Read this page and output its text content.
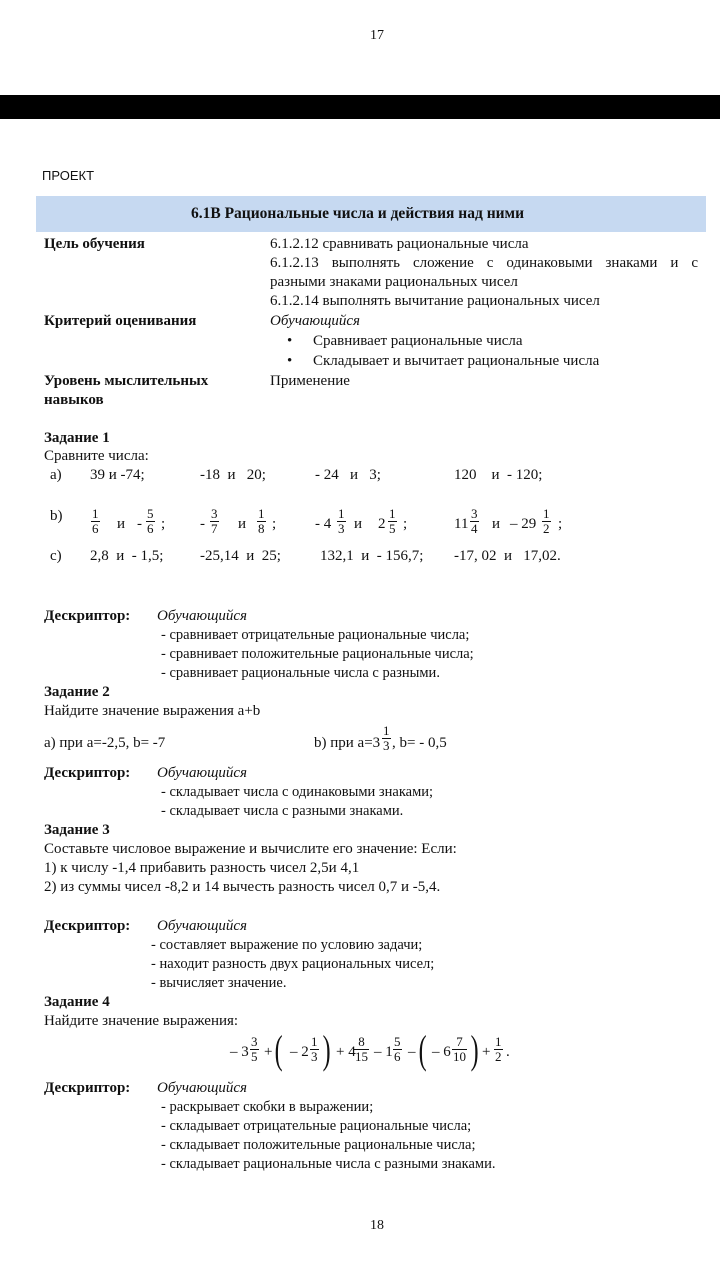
17
ПРОЕКТ
6.1В Рациональные числа и действия над ними
Цель обучения	6.1.2.12 сравнивать рациональные числа
6.1.2.13 выполнять сложение с одинаковыми знаками и с
разными знаками рациональных чисел
6.1.2.14 выполнять вычитание рациональных чисел
Критерий оценивания	Обучающийся
• Сравнивает рациональные числа
• Складывает и вычитает рациональные числа
Уровень мыслительных
навыков
Применение
Задание 1
Сравните числа:
a) 39 и -74;	-18  и   20;	- 24   и   3;	120    и  - 120;
$b) \frac{1}{6}$ и - $\frac{5}{6}$ ; - $\frac{3}{7}$ и $\frac{1}{8}$ ;	- $4 \frac{1}{3}$ и $2 \frac{1}{5}$ ;	$11 \frac{3}{4}$ и – $29 \frac{1}{2}$ ;
c) 2,8  и  - 1,5; -25,14  и  25;	132,1  и  - 156,7; -17, 02  и   17,02.
Дескриптор: Обучающийся
- сравнивает отрицательные рациональные числа;
- сравнивает положительные рациональные числа;
- сравнивает рациональные числа с разными.
Задание 2
Найдите значение выражения a+b
а) при a=-2,5, b= -7	b) при $a=3 \frac{1}{3}$ , b= - 0,5
Дескриптор: Обучающийся
- складывает числа с одинаковыми знаками;
- складывает числа с разными знаками.
Задание 3
Составьте числовое выражение и вычислите его значение: Если:
1) к числу -1,4 прибавить разность чисел 2,5и 4,1
2) из суммы чисел -8,2 и 14 вычесть разность чисел 0,7 и -5,4.
Дескриптор: Обучающийся
- составляет выражение по условию задачи;
- находит разность двух рациональных чисел;
- вычисляет значение.
Задание 4
Найдите значение выражения:
– $3 \frac{3}{5}$ + ( – $2 \frac{1}{3}$ ) + 4
$\frac{8}{15} - 1 \frac{5}{6}$ – ( – $6 \frac{7}{10}$ ) + $\frac{1}{2}$ .
Дескриптор: Обучающийся
- раскрывает скобки в выражении;
- складывает отрицательные рациональные числа;
- складывает положительные рациональные числа;
- складывает рациональные числа с разными знаками.
18
